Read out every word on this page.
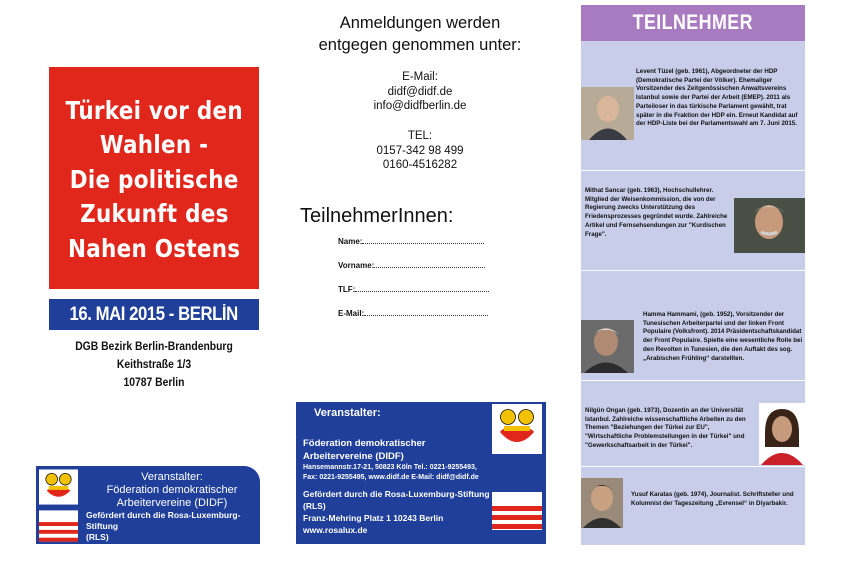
Türkei vor den
Wahlen -
Die politische
Zukunft des
Nahen Ostens
16. MAI 2015 - BERLİN
DGB Bezirk Berlin-Brandenburg
Keithstraße 1/3
10787 Berlin
Veranstalter:
Föderation demokratischer
Arbeitervereine (DIDF)
Gefördert durch die Rosa-Luxemburg-Stiftung
(RLS)
Anmeldungen werden
entgegen genommen unter:
E-Mail:
didf@didf.de
info@didfberlin.de
TEL:
0157-342 98 499
0160-4516282
TeilnehmerInnen:
Name:
Vorname:
TLF:
E-Mail:
Veranstalter:
Föderation demokratischer
Arbeitervereine (DIDF)
Hansemannstr.17-21, 50823 Köln Tel.: 0221-9255493,
Fax: 0221-9255495, www.didf.de E-Mail: didf@didf.de
Gefördert durch die Rosa-Luxemburg-Stiftung
(RLS)
Franz-Mehring Platz 1 10243 Berlin
www.rosalux.de
TEILNEHMER
Levent Tüzel (geb. 1961), Abgeordneter der HDP (Demokratische Partei der Völker). Ehemaliger Vorsitzender des Zeitgenössischen Anwaltsvereins Istanbul sowie der Partei der Arbeit (EMEP). 2011 als Parteiloser in das türkische Parlament gewählt, trat später in die Fraktion der HDP ein. Erneut Kandidat auf der HDP-Liste bei der Parlamentswahl am 7. Juni 2015.
Mithat Sancar (geb. 1963), Hochschullehrer. Mitglied der Weisenkommission, die von der Regierung zwecks Unterstützung des Friedensprozesses gegründet wurde. Zahlreiche Artikel und Fernsehsendungen zur "Kurdischen Frage".
Hamma Hammami, (geb. 1952), Vorsitzender der Tunesischen Arbeiterpartei und der linken Front Populaire (Volksfront). 2014 Präsidentschaftskandidat der Front Populaire. Spielte eine wesentliche Rolle bei den Revolten in Tunesien, die den Auftakt des sog. „Arabischen Frühling“ darstellten.
Nilgün Ongan (geb. 1973), Dozentin an der Universität Istanbul. Zahlreiche wissenschaftliche Arbeiten zu den Themen "Beziehungen der Türkei zur EU", "Wirtschaftliche Problemstellungen in der Türkei" und "Gewerkschaftsarbeit in der Türkei".
Yusuf Karatas (geb. 1974), Journalist. Schriftsteller und Kolumnist der Tageszeitung „Evrensel“ in Diyarbakir.
